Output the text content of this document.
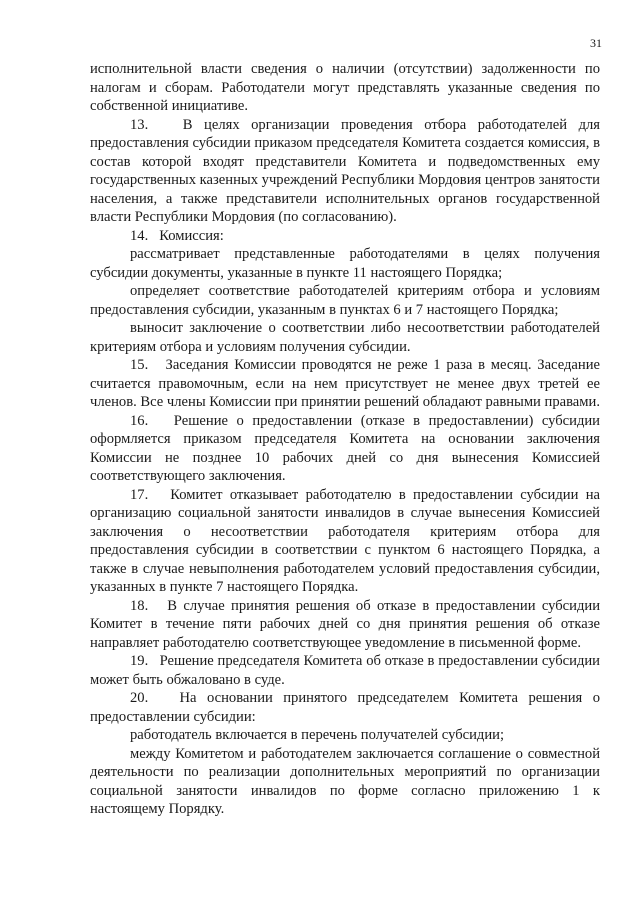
31

исполнительной власти сведения о наличии (отсутствии) задолженности по налогам и сборам. Работодатели могут представлять указанные сведения по собственной инициативе.

13.   В целях организации проведения отбора работодателей для предоставления субсидии приказом председателя Комитета создается комиссия, в состав которой входят представители Комитета и подведомственных ему государственных казенных учреждений Республики Мордовия центров занятости населения, а также представители исполнительных органов государственной власти Республики Мордовия (по согласованию).

14.   Комиссия:

рассматривает представленные работодателями в целях получения субсидии документы, указанные в пункте 11 настоящего Порядка;

определяет соответствие работодателей критериям отбора и условиям предоставления субсидии, указанным в пунктах 6 и 7 настоящего Порядка;

выносит заключение о соответствии либо несоответствии работодателей критериям отбора и условиям получения субсидии.

15.   Заседания Комиссии проводятся не реже 1 раза в месяц. Заседание считается правомочным, если на нем присутствует не менее двух третей ее членов. Все члены Комиссии при принятии решений обладают равными правами.

16.   Решение о предоставлении (отказе в предоставлении) субсидии оформляется приказом председателя Комитета на основании заключения Комиссии не позднее 10 рабочих дней со дня вынесения Комиссией соответствующего заключения.

17.   Комитет отказывает работодателю в предоставлении субсидии на организацию социальной занятости инвалидов в случае вынесения Комиссией заключения о несоответствии работодателя критериям отбора для предоставления субсидии в соответствии с пунктом 6 настоящего Порядка, а также в случае невыполнения работодателем условий предоставления субсидии, указанных в пункте 7 настоящего Порядка.

18.   В случае принятия решения об отказе в предоставлении субсидии Комитет в течение пяти рабочих дней со дня принятия решения об отказе направляет работодателю соответствующее уведомление в письменной форме.

19.   Решение председателя Комитета об отказе в предоставлении субсидии может быть обжаловано в суде.

20.   На основании принятого председателем Комитета решения о предоставлении субсидии:

работодатель включается в перечень получателей субсидии;

между Комитетом и работодателем заключается соглашение о совместной деятельности по реализации дополнительных мероприятий по организации социальной занятости инвалидов по форме согласно приложению 1 к настоящему Порядку.
